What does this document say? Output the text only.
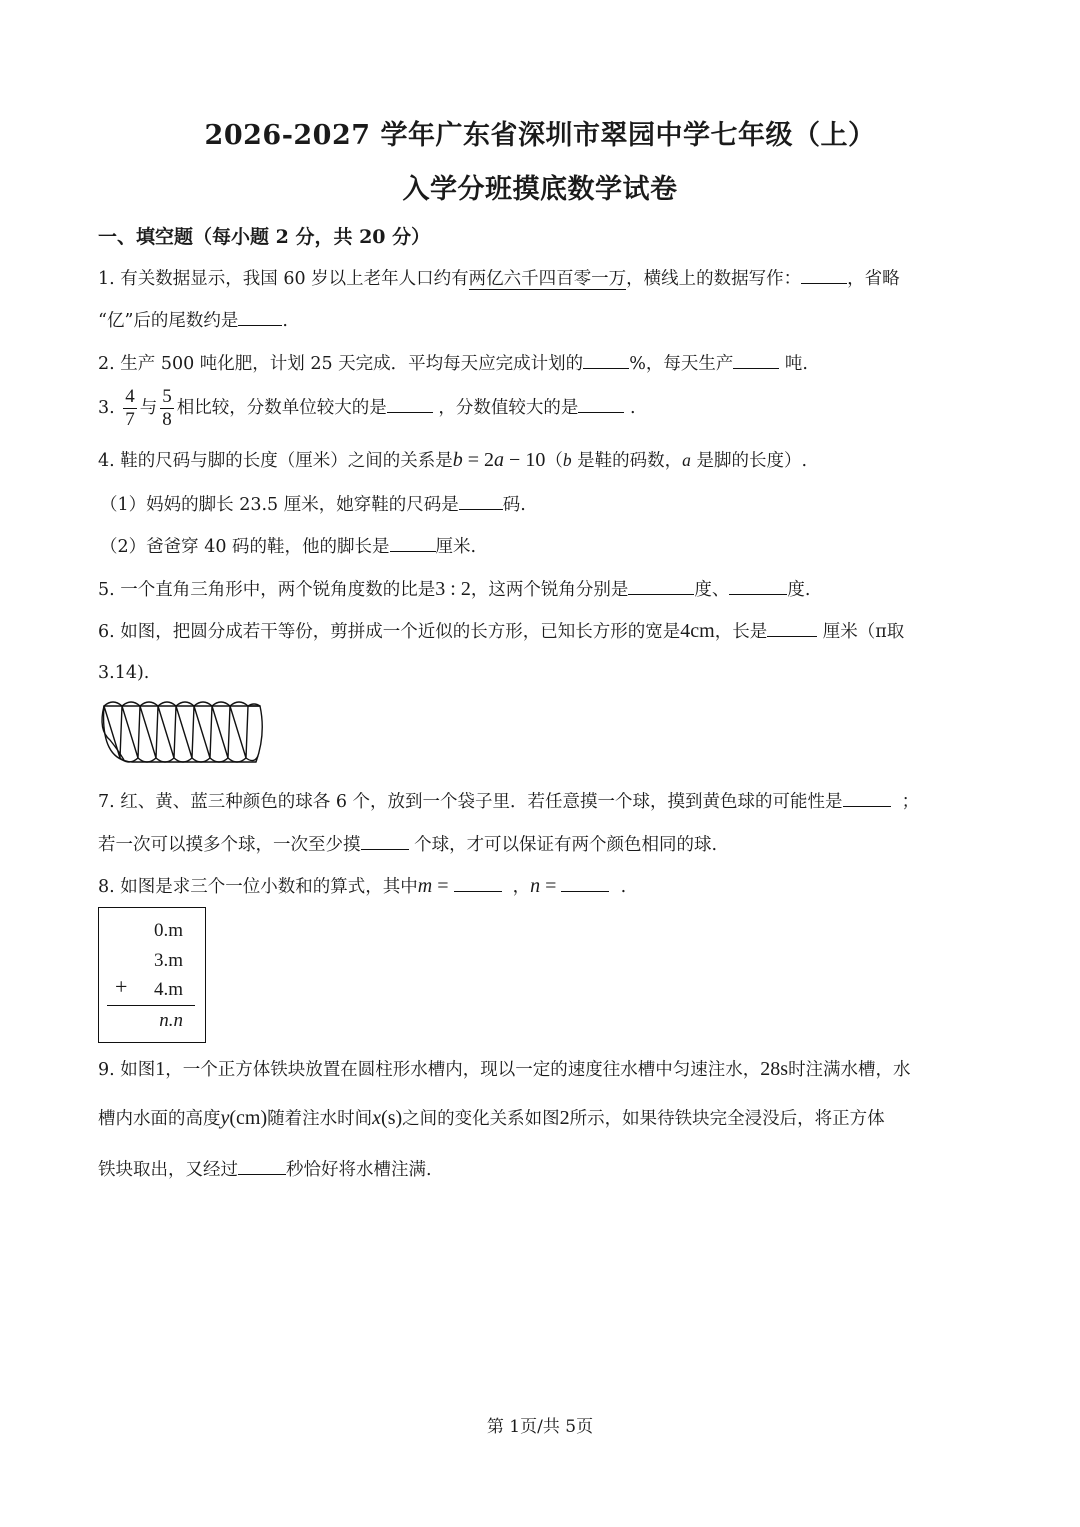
2026-2027 学年广东省深圳市翠园中学七年级（上）
入学分班摸底数学试卷
一、填空题（每小题 2 分，共 20 分）
1. 有关数据显示，我国 60 岁以上老年人口约有两亿六千四百零一万，横线上的数据写作：	，省略
“亿”后的尾数约是	.
2. 生产 500 吨化肥，计划 25 天完成．平均每天应完成计划的	%，每天生产	吨.
3. $\frac{4}{7}$ 与 $\frac{5}{8}$ 相比较，分数单位较大的是	，分数值较大的是	.
4. 鞋的尺码与脚的长度（厘米）之间的关系是b = 2a − 10（b 是鞋的码数，a 是脚的长度）.
（1）妈妈的脚长 23.5 厘米，她穿鞋的尺码是	码.
（2）爸爸穿 40 码的鞋，他的脚长是	厘米.
5. 一个直角三角形中，两个锐角度数的比是3 : 2，这两个锐角分别是	度、	度.
6. 如图，把圆分成若干等份，剪拼成一个近似的长方形，已知长方形的宽是4cm，长是	厘米（π取
3.14).
7. 红、黄、蓝三种颜色的球各 6 个，放到一个袋子里．若任意摸一个球，摸到黄色球的可能性是	；
若一次可以摸多个球，一次至少摸	个球，才可以保证有两个颜色相同的球.
8. 如图是求三个一位小数和的算式，其中m =	，n =	.
0.m
3.m
4.m
+
n.n
9. 如图1，一个正方体铁块放置在圆柱形水槽内，现以一定的速度往水槽中匀速注水，28s时注满水槽，水
槽内水面的高度y(cm)随着注水时间x(s)之间的变化关系如图2所示，如果待铁块完全浸没后，将正方体
铁块取出，又经过	秒恰好将水槽注满.
第 1页/共 5页
